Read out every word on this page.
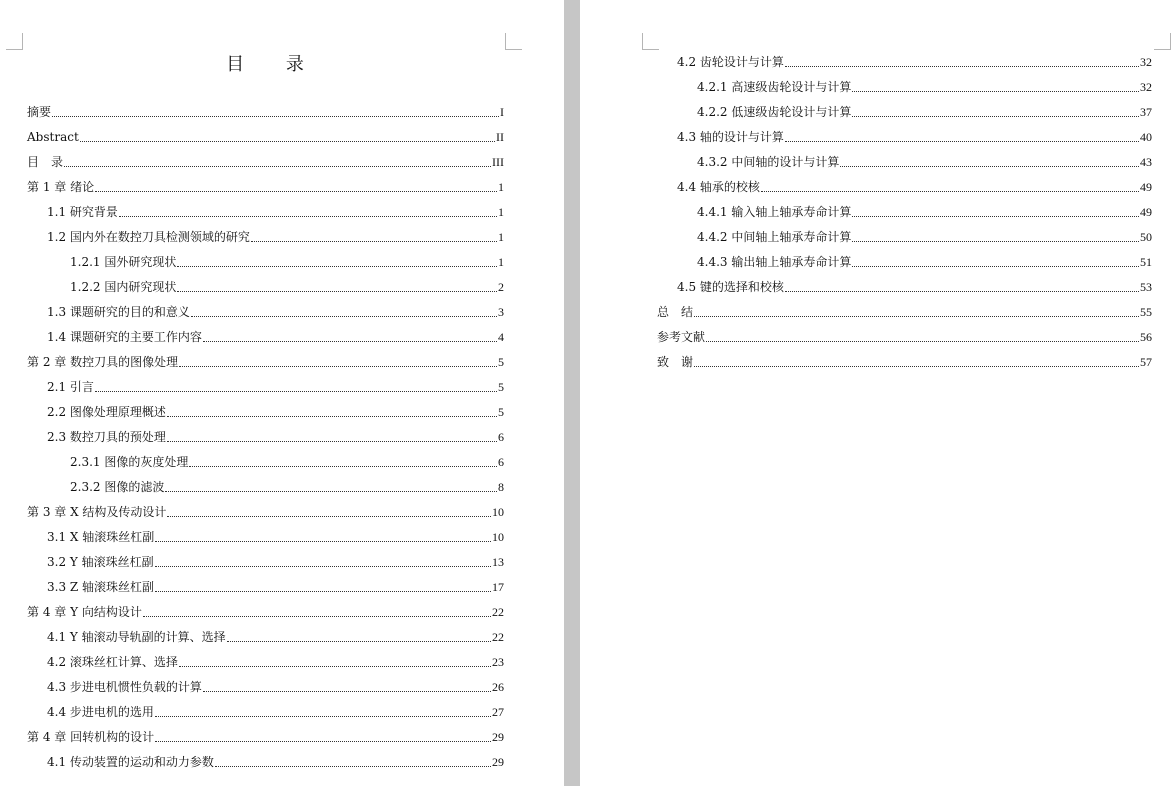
目 录
摘要	I
Abstract	II
目　录	III
第 1 章 绪论	1
1.1 研究背景	1
1.2 国内外在数控刀具检测领域的研究	1
1.2.1 国外研究现状	1
1.2.2 国内研究现状	2
1.3 课题研究的目的和意义	3
1.4 课题研究的主要工作内容	4
第 2 章 数控刀具的图像处理	5
2.1 引言	5
2.2 图像处理原理概述	5
2.3 数控刀具的预处理	6
2.3.1 图像的灰度处理	6
2.3.2 图像的滤波	8
第 3 章 X 结构及传动设计	10
3.1 X 轴滚珠丝杠副	10
3.2 Y 轴滚珠丝杠副	13
3.3 Z 轴滚珠丝杠副	17
第 4 章 Y 向结构设计	22
4.1 Y 轴滚动导轨副的计算、选择	22
4.2 滚珠丝杠计算、选择	23
4.3 步进电机惯性负载的计算	26
4.4 步进电机的选用	27
第 4 章 回转机构的设计	29
4.1 传动装置的运动和动力参数	29
4.2 齿轮设计与计算	32
4.2.1 高速级齿轮设计与计算	32
4.2.2 低速级齿轮设计与计算	37
4.3 轴的设计与计算	40
4.3.2 中间轴的设计与计算	43
4.4 轴承的校核	49
4.4.1 输入轴上轴承寿命计算	49
4.4.2 中间轴上轴承寿命计算	50
4.4.3 输出轴上轴承寿命计算	51
4.5 键的选择和校核	53
总　结	55
参考文献	56
致　谢	57
